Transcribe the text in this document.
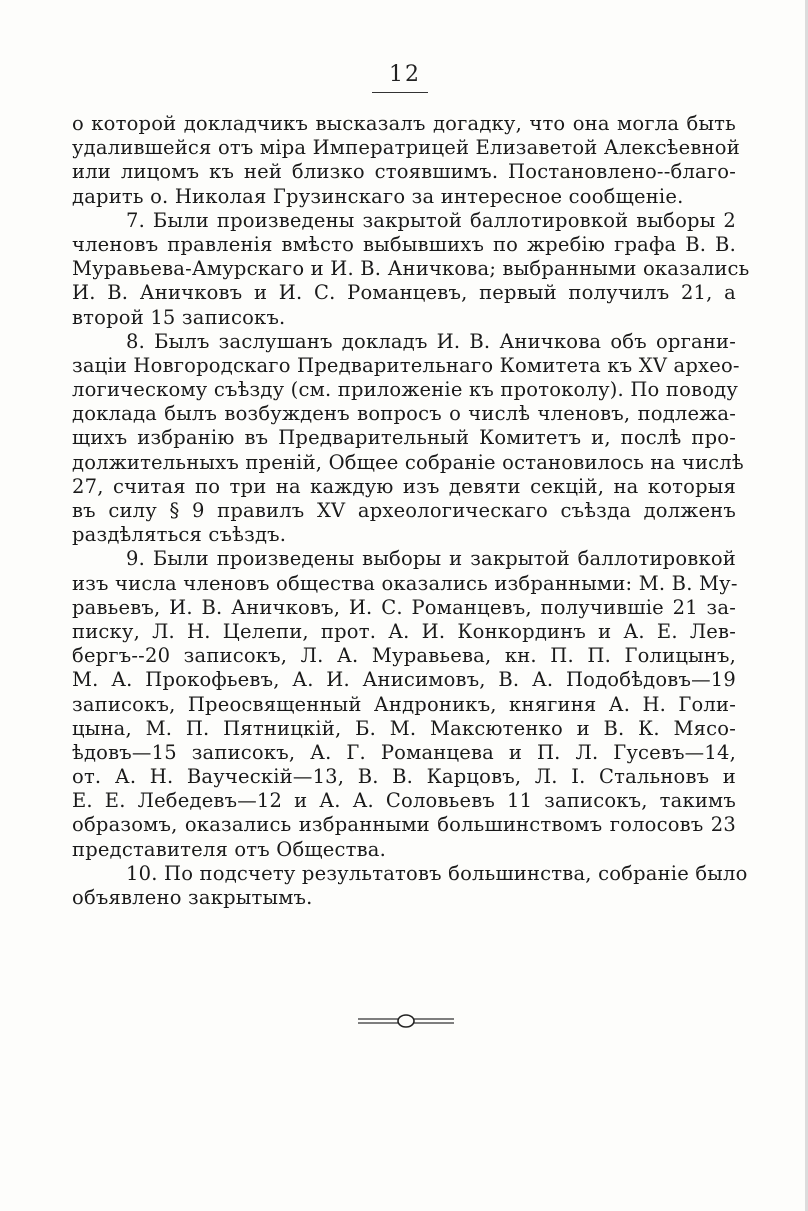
12
о которой докладчикъ высказалъ догадку, что она могла быть
удалившейся отъ міра Императрицей Елизаветой Алексѣевной
или лицомъ къ ней близко стоявшимъ. Постановлено--благо-
дарить о. Николая Грузинскаго за интересное сообщеніе.
7. Были произведены закрытой баллотировкой выборы 2
членовъ правленія вмѣсто выбывшихъ по жребію графа В. В.
Муравьева-Амурскаго и И. В. Аничкова; выбранными оказались
И. В. Аничковъ и И. С. Романцевъ, первый получилъ 21, а
второй 15 записокъ.
8. Былъ заслушанъ докладъ И. В. Аничкова объ органи-
заціи Новгородскаго Предварительнаго Комитета къ XV археo-
логическому съѣзду (см. приложеніе къ протоколу). По поводу
доклада былъ возбужденъ вопросъ о числѣ членовъ, подлежа-
щихъ избранію въ Предварительный Комитетъ и, послѣ про-
должительныхъ преній, Общее собраніе остановилось на числѣ
27, считая по три на каждую изъ девяти секцій, на которыя
въ силу § 9 правилъ XV археологическаго съѣзда долженъ
раздѣляться съѣздъ.
9. Были произведены выборы и закрытой баллотировкой
изъ числа членовъ общества оказались избранными: М. В. Му-
равьевъ, И. В. Аничковъ, И. С. Романцевъ, получившіе 21 за-
писку, Л. Н. Целепи, прот. А. И. Конкординъ и А. Е. Лев-
бергъ--20 записокъ, Л. А. Муравьева, кн. П. П. Голицынъ,
М. А. Прокофьевъ, А. И. Анисимовъ, В. А. Подобѣдовъ—19
записокъ, Преосвященный Андроникъ, княгиня А. Н. Голи-
цына, М. П. Пятницкій, Б. М. Максютенко и В. К. Мясо-
ѣдовъ—15 записокъ, А. Г. Романцева и П. Л. Гусевъ—14,
от. А. Н. Вауческій—13, В. В. Карцовъ, Л. І. Стальновъ и
Е. Е. Лебедевъ—12 и А. А. Соловьевъ 11 записокъ, такимъ
образомъ, оказались избранными большинствомъ голосовъ 23
представителя отъ Общества.
10. По подсчету результатовъ большинства, собраніе было
объявлено закрытымъ.
